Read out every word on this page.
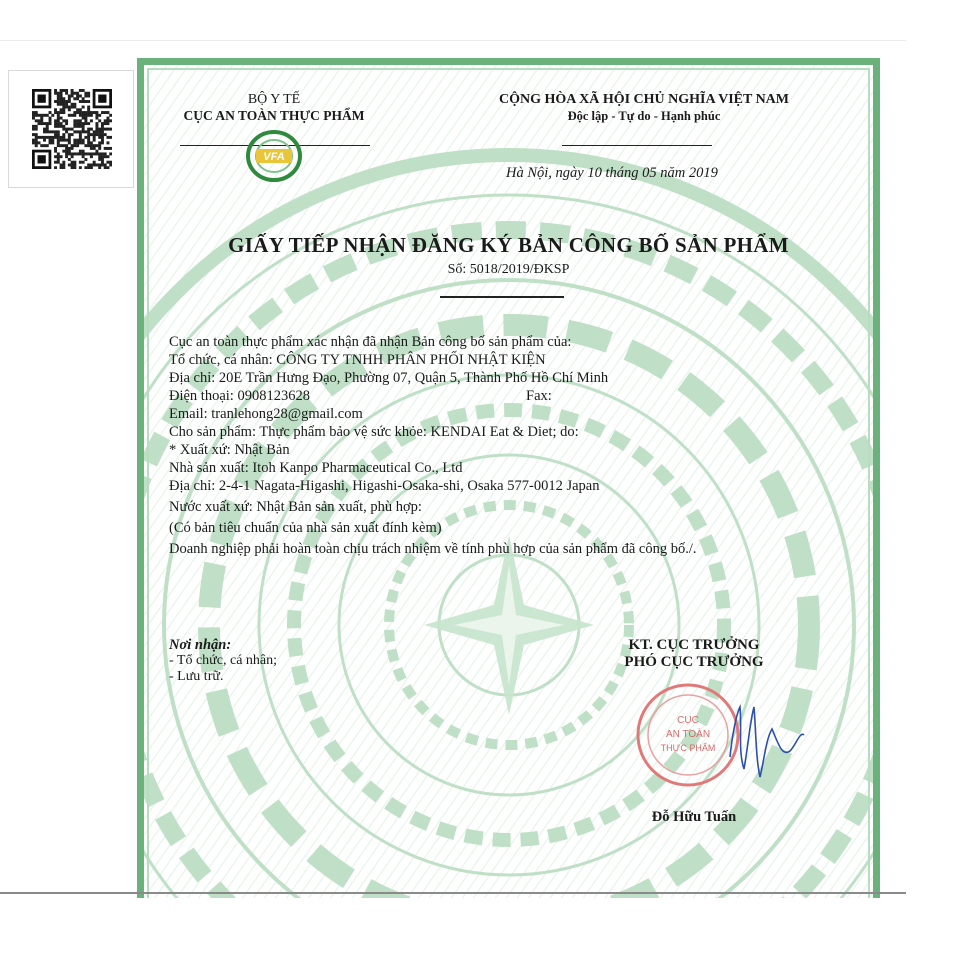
BỘ Y TẾ
CỤC AN TOÀN THỰC PHẨM
VFA
CỘNG HÒA XÃ HỘI CHỦ NGHĨA VIỆT NAM
Độc lập - Tự do - Hạnh phúc
Hà Nội, ngày 10 tháng 05 năm 2019
GIẤY TIẾP NHẬN ĐĂNG KÝ BẢN CÔNG BỐ SẢN PHẨM
Số: 5018/2019/ĐKSP
Cục an toàn thực phẩm xác nhận đã nhận Bản công bố sản phẩm của:
Tổ chức, cá nhân: CÔNG TY TNHH PHÂN PHỐI NHẬT KIỆN
Địa chỉ: 20E Trần Hưng Đạo, Phường 07, Quận 5, Thành Phố Hồ Chí Minh
Điện thoại: 0908123628	Fax:
Email: tranlehong28@gmail.com
Cho sản phẩm: Thực phẩm bảo vệ sức khỏe: KENDAI Eat & Diet; do:
* Xuất xứ: Nhật Bản
Nhà sản xuất: Itoh Kanpo Pharmaceutical Co., Ltd
Địa chỉ: 2-4-1 Nagata-Higashi, Higashi-Osaka-shi, Osaka 577-0012 Japan
Nước xuất xứ: Nhật Bản sản xuất, phù hợp:
(Có bản tiêu chuẩn của nhà sản xuất đính kèm)
Doanh nghiệp phải hoàn toàn chịu trách nhiệm về tính phù hợp của sản phẩm đã công bố./.
Nơi nhận:
- Tổ chức, cá nhân;
- Lưu trữ.
KT. CỤC TRƯỞNG
PHÓ CỤC TRƯỞNG
CỤC
AN TOÀN
THỰC PHẨM
Đỗ Hữu Tuấn
